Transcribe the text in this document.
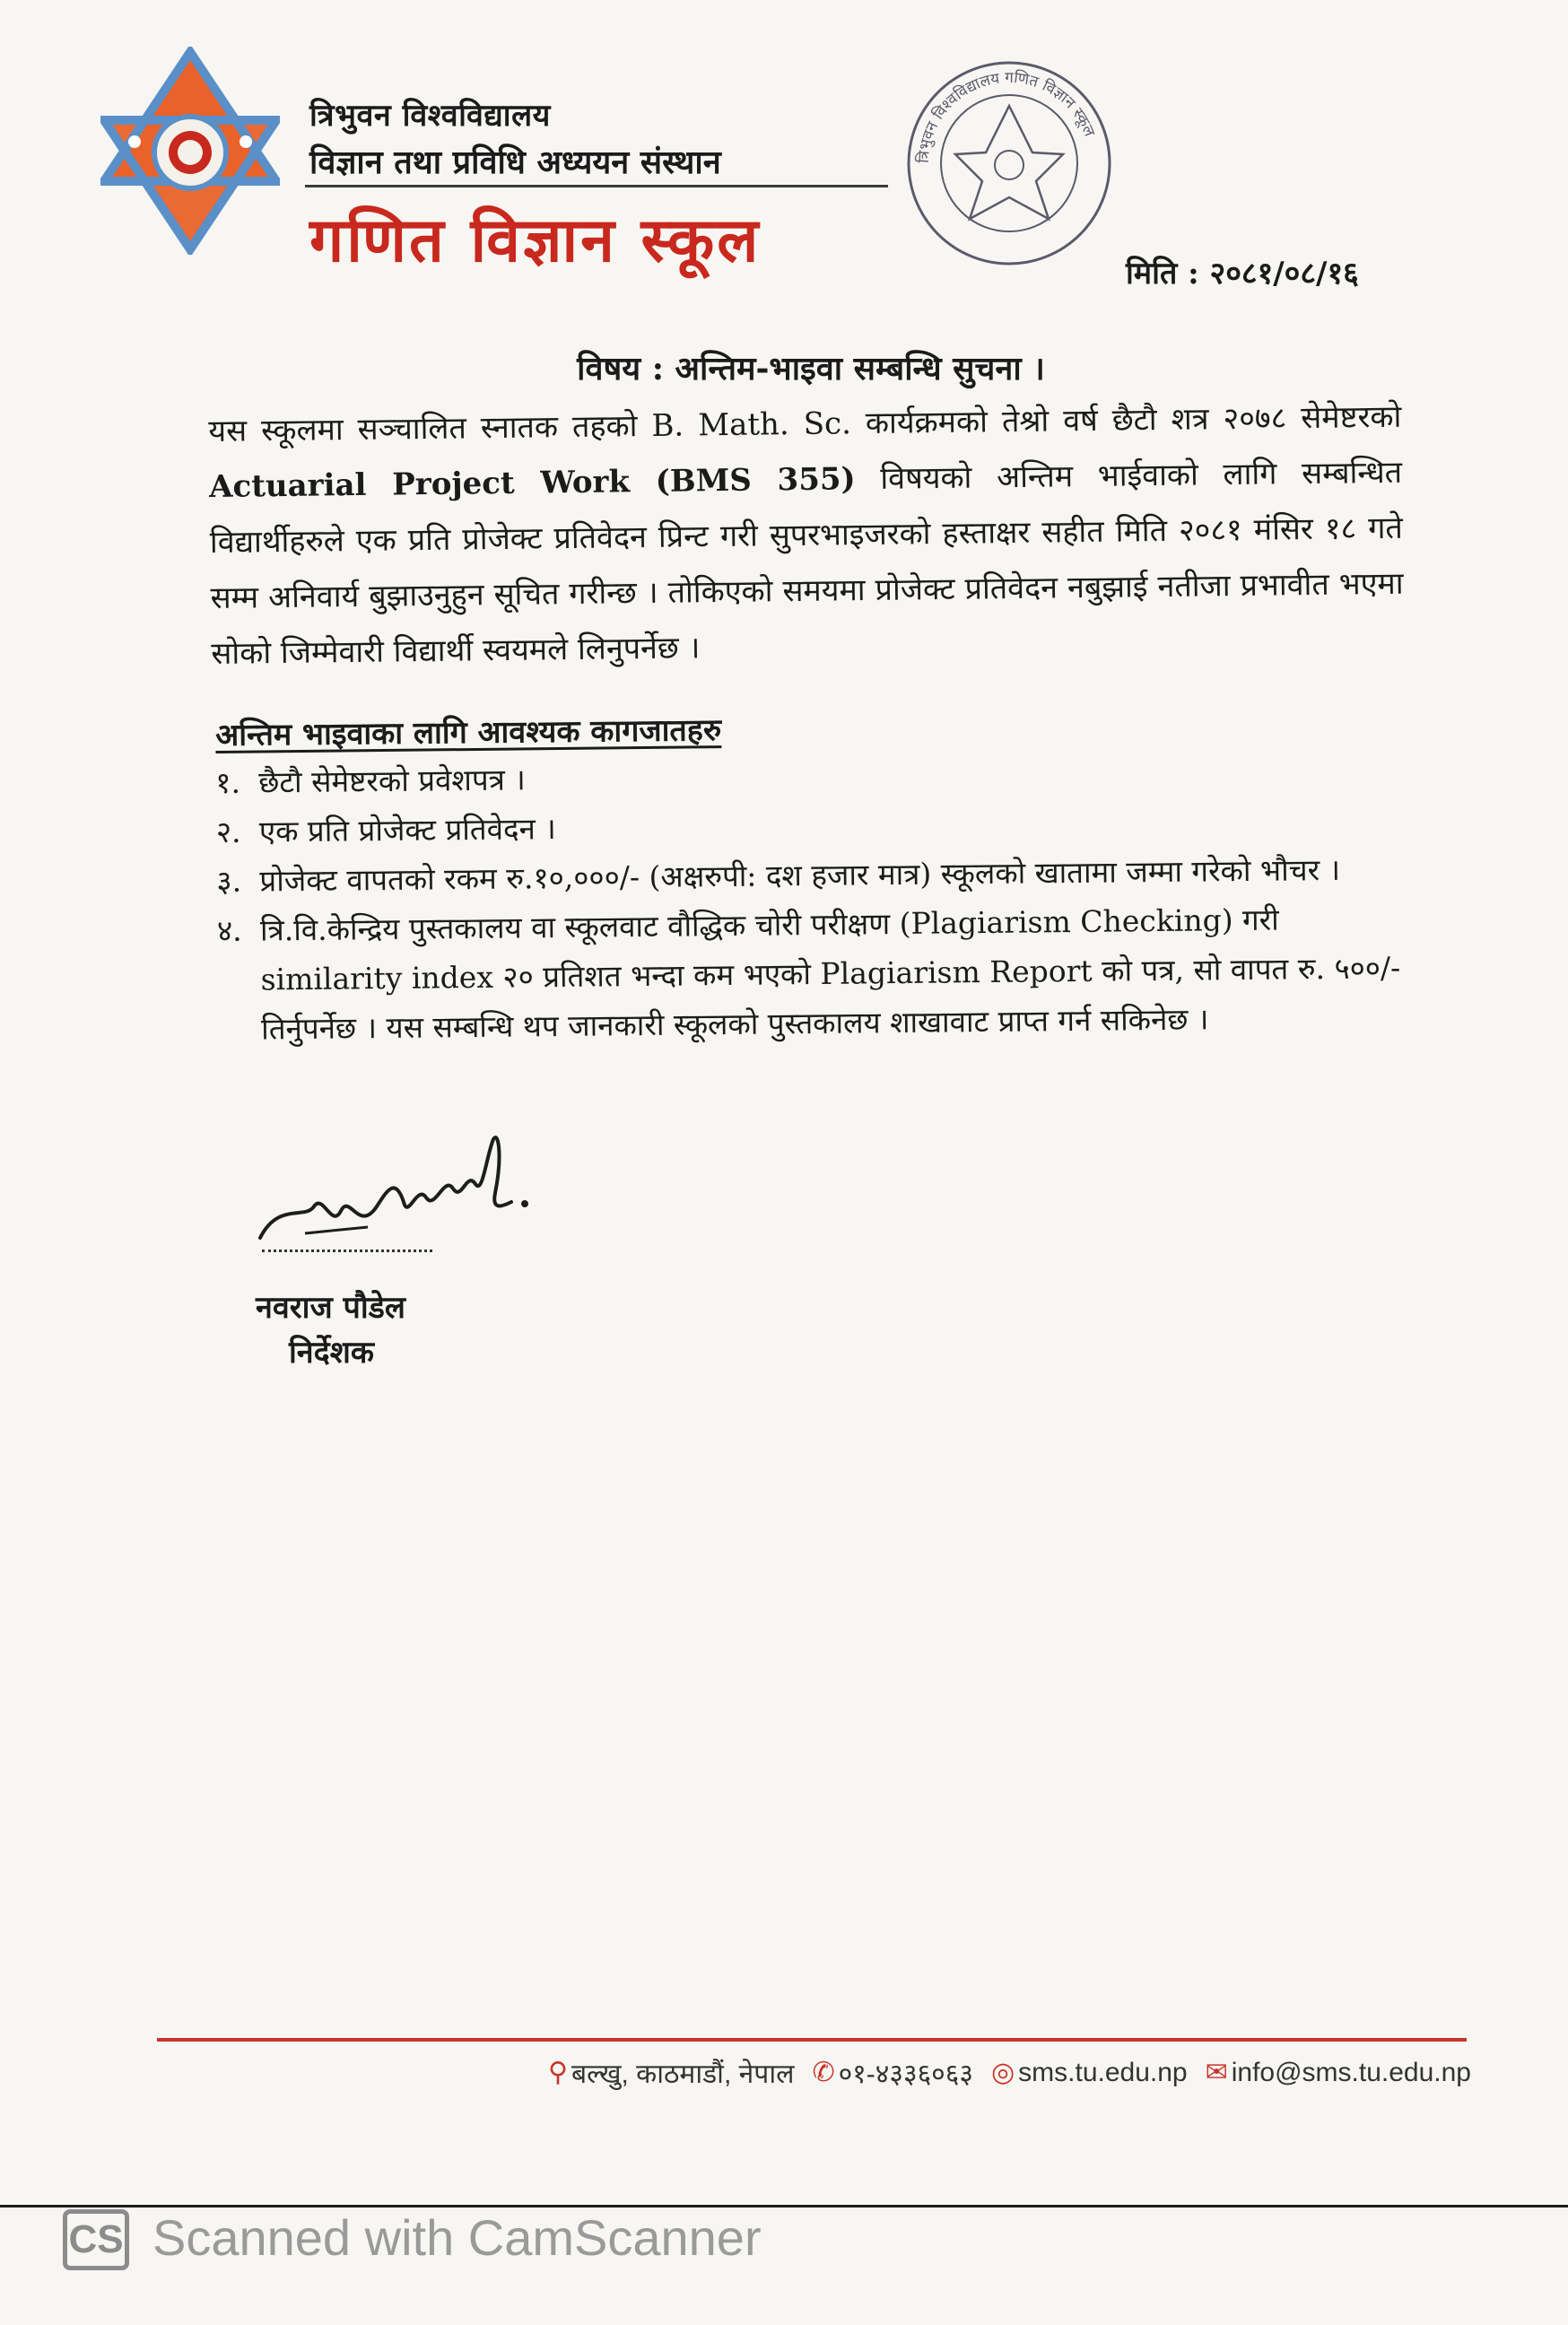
त्रिभुवन विश्वविद्यालय
विज्ञान तथा प्रविधि अध्ययन संस्थान
गणित विज्ञान स्कूल
त्रिभुवन विश्वविद्यालय गणित विज्ञान स्कूल
मिति : २०८१/०८/१६
विषय : अन्तिम-भाइवा सम्बन्धि सुचना ।
यस स्कूलमा सञ्चालित स्नातक तहको B. Math. Sc. कार्यक्रमको तेश्रो वर्ष छैटौ शत्र २०७८ सेमेष्टरको Actuarial Project Work (BMS 355) विषयको अन्तिम भाईवाको लागि सम्बन्धित विद्यार्थीहरुले एक प्रति प्रोजेक्ट प्रतिवेदन प्रिन्ट गरी सुपरभाइजरको हस्ताक्षर सहीत मिति २०८१ मंसिर १८ गते सम्म अनिवार्य बुझाउनुहुन सूचित गरीन्छ । तोकिएको समयमा प्रोजेक्ट प्रतिवेदन नबुझाई नतीजा प्रभावीत भएमा सोको जिम्मेवारी विद्यार्थी स्वयमले लिनुपर्नेछ ।
अन्तिम भाइवाका लागि आवश्यक कागजातहरु
१. छैटौ सेमेष्टरको प्रवेशपत्र ।
२. एक प्रति प्रोजेक्ट प्रतिवेदन ।
३. प्रोजेक्ट वापतको रकम रु.१०,०००/- (अक्षरुपी: दश हजार मात्र) स्कूलको खातामा जम्मा गरेको भौचर ।
४. त्रि.वि.केन्द्रिय पुस्तकालय वा स्कूलवाट वौद्धिक चोरी परीक्षण (Plagiarism Checking) गरी similarity index २० प्रतिशत भन्दा कम भएको Plagiarism Report को पत्र, सो वापत रु. ५००/- तिर्नुपर्नेछ । यस सम्बन्धि थप जानकारी स्कूलको पुस्तकालय शाखावाट प्राप्त गर्न सकिनेछ ।
नवराज पौडेल
निर्देशक
⚲ बल्खु, काठमाडौं, नेपाल ✆ ०१-४३३६०६३ ◎ sms.tu.edu.np ✉ info@sms.tu.edu.np
CS Scanned with CamScanner
